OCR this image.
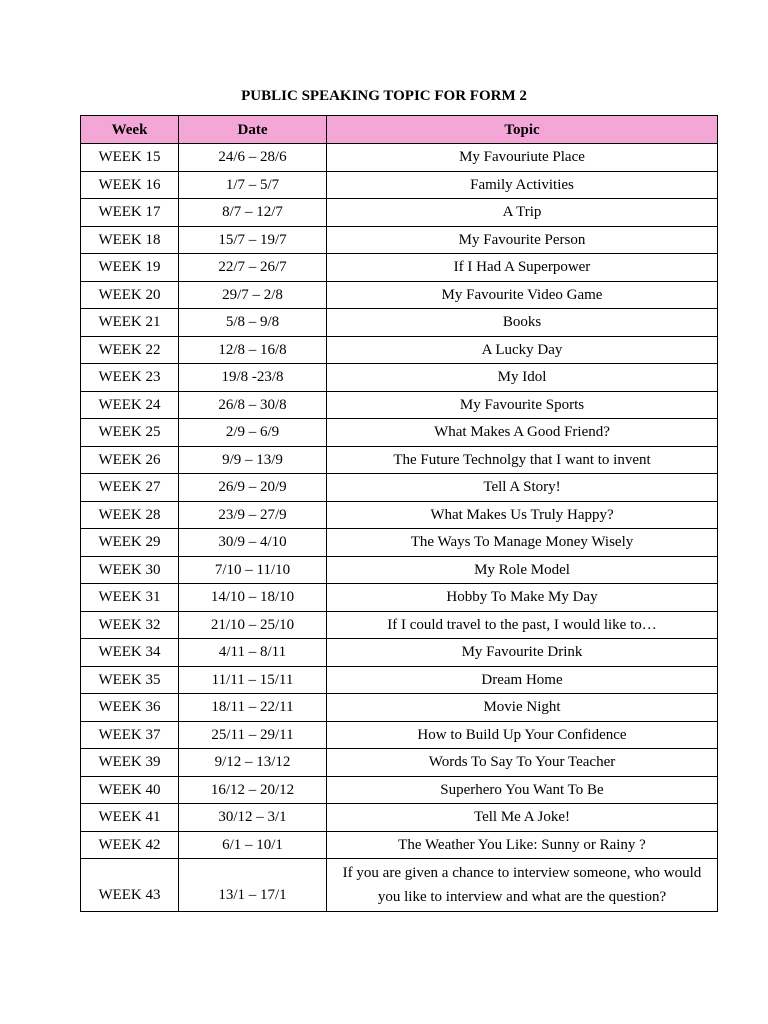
PUBLIC SPEAKING TOPIC FOR FORM 2
Week	Date	Topic
WEEK 15	24/6 – 28/6	My Favouriute Place
WEEK 16	1/7 – 5/7	Family Activities
WEEK 17	8/7 – 12/7	A Trip
WEEK 18	15/7 – 19/7	My Favourite Person
WEEK 19	22/7 – 26/7	If I Had A Superpower
WEEK 20	29/7 – 2/8	My Favourite Video Game
WEEK 21	5/8 – 9/8	Books
WEEK 22	12/8 – 16/8	A Lucky Day
WEEK 23	19/8 -23/8	My Idol
WEEK 24	26/8 – 30/8	My Favourite Sports
WEEK 25	2/9 – 6/9	What Makes A Good Friend?
WEEK 26	9/9 – 13/9	The Future Technolgy that I want to invent
WEEK 27	26/9 – 20/9	Tell A Story!
WEEK 28	23/9 – 27/9	What Makes Us Truly Happy?
WEEK 29	30/9 – 4/10	The Ways To Manage Money Wisely
WEEK 30	7/10 – 11/10	My Role Model
WEEK 31	14/10 – 18/10	Hobby To Make My Day
WEEK 32	21/10 – 25/10	If I could travel to the past, I would like to…
WEEK 34	4/11 – 8/11	My Favourite Drink
WEEK 35	11/11 – 15/11	Dream Home
WEEK 36	18/11 – 22/11	Movie Night
WEEK 37	25/11 – 29/11	How to Build Up Your Confidence
WEEK 39	9/12 – 13/12	Words To Say To Your Teacher
WEEK 40	16/12 – 20/12	Superhero You Want To Be
WEEK 41	30/12 – 3/1	Tell Me A Joke!
WEEK 42	6/1 – 10/1	The Weather You Like: Sunny or Rainy ?
WEEK 43	13/1 – 17/1	If you are given a chance to interview someone, who would you like to interview and what are the question?
